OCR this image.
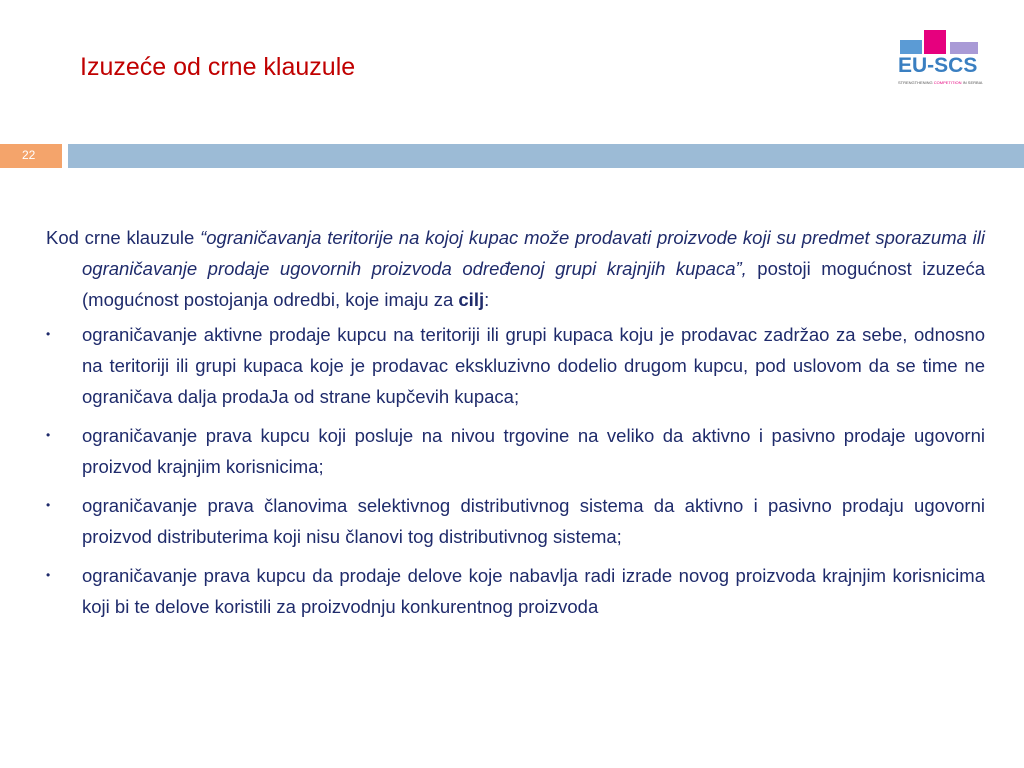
Izuzeće od crne klauzule	EU-SCS
STRENGTHENING COMPETITION IN SERBIA
22

Kod crne klauzule “ograničavanja teritorije na kojoj kupac može prodavati proizvode koji su predmet sporazuma ili ograničavanje prodaje ugovornih proizvoda određenoj grupi krajnjih kupaca”, postoji mogućnost izuzeća (mogućnost postojanja odredbi, koje imaju za cilj:

•	ograničavanje aktivne prodaje kupcu na teritoriji ili grupi kupaca koju je prodavac zadržao za sebe, odnosno na teritoriji ili grupi kupaca koje je prodavac ekskluzivno dodelio drugom kupcu, pod uslovom da se time ne ograničava dalja prodaJa od strane kupčevih kupaca;
•	ograničavanje prava kupcu koji posluje na nivou trgovine na veliko da aktivno i pasivno prodaje ugovorni proizvod krajnjim korisnicima;
•	ograničavanje prava članovima selektivnog distributivnog sistema da aktivno i pasivno prodaju ugovorni proizvod distributerima koji nisu članovi tog distributivnog sistema;
•	ograničavanje prava kupcu da prodaje delove koje nabavlja radi izrade novog proizvoda krajnjim korisnicima koji bi te delove koristili za proizvodnju konkurentnog proizvoda
